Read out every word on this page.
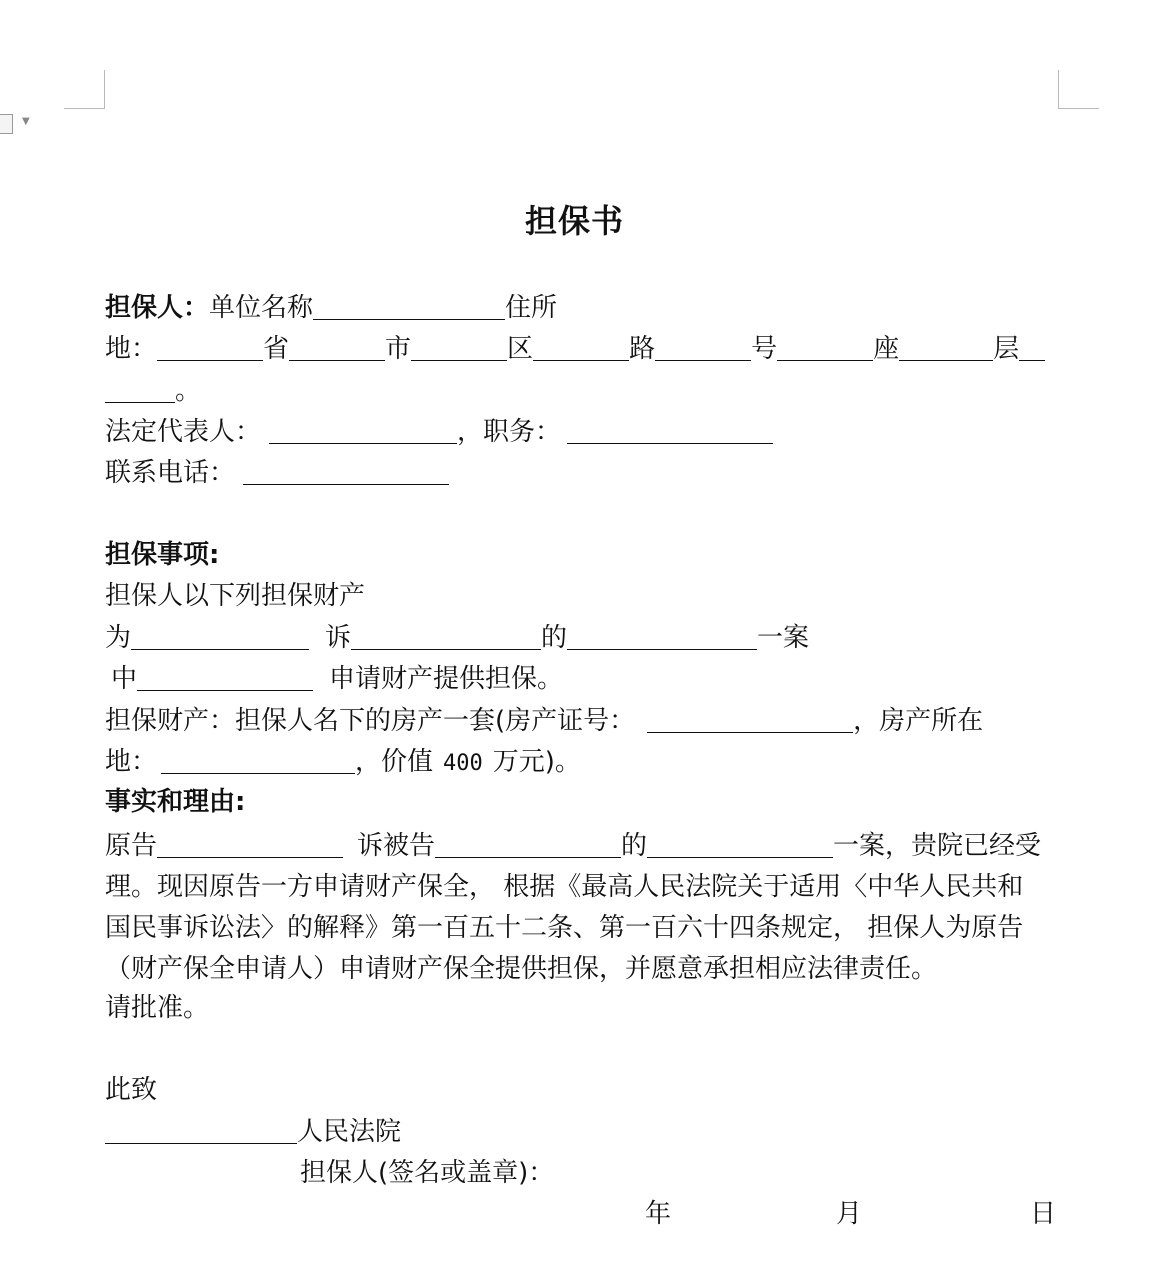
▼
担保书
担保人：单位名称	住所
地：	省	市	区	路	号	座	层
。
法定代表人：	，职务：
联系电话：
担保事项:
担保人以下列担保财产
为	诉	的	一案
中	申请财产提供担保。
担保财产：担保人名下的房产一套(房产证号：	，房产所在
地：	，价值 400 万元)。
事实和理由:
原告	诉被告	的	一案，贵院已经受
理。现因原告一方申请财产保全， 根据《最高人民法院关于适用〈中华人民共和
国民事诉讼法〉的解释》第一百五十二条、第一百六十四条规定， 担保人为原告
（财产保全申请人）申请财产保全提供担保，并愿意承担相应法律责任。
请批准。
此致
人民法院
担保人(签名或盖章)：
年	月	日
